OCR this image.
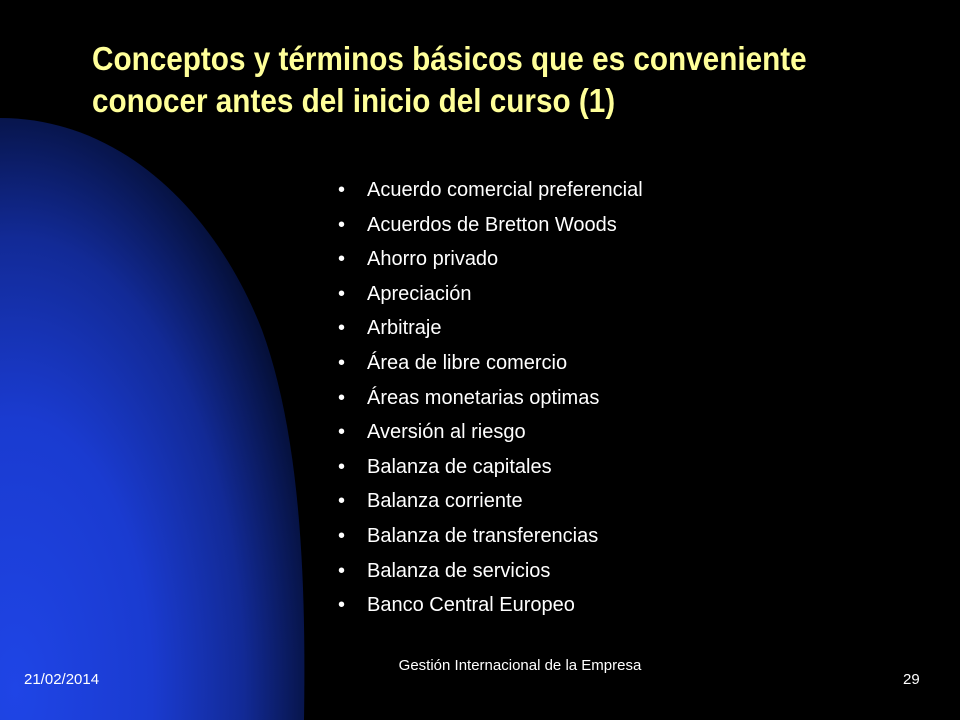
Conceptos y términos básicos que es conveniente
conocer antes del inicio del curso (1)
• Acuerdo comercial preferencial
• Acuerdos de Bretton Woods
• Ahorro privado
• Apreciación
• Arbitraje
• Área de libre comercio
• Áreas monetarias optimas
• Aversión al riesgo
• Balanza de capitales
• Balanza corriente
• Balanza de transferencias
• Balanza de servicios
• Banco Central Europeo
21/02/2014
Gestión Internacional de la Empresa
29
